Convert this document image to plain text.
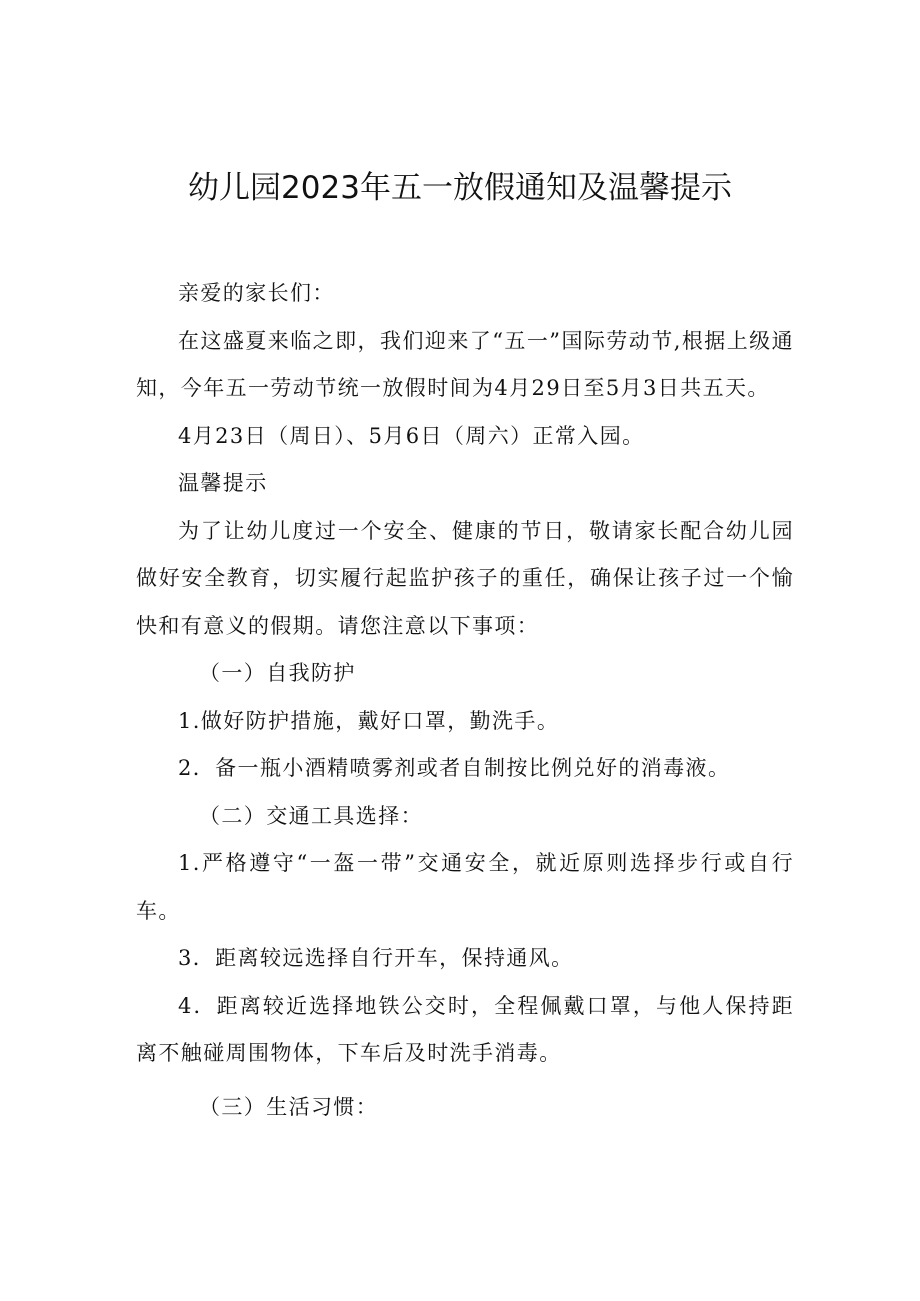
幼儿园2023年五一放假通知及温馨提示

亲爱的家长们：

在这盛夏来临之即，我们迎来了“五一”国际劳动节,根据上级通知，今年五一劳动节统一放假时间为4月29日至5月3日共五天。

4月23日（周日）、5月6日（周六）正常入园。

温馨提示

为了让幼儿度过一个安全、健康的节日，敬请家长配合幼儿园做好安全教育，切实履行起监护孩子的重任，确保让孩子过一个愉快和有意义的假期。请您注意以下事项：

（一）自我防护

1.做好防护措施，戴好口罩，勤洗手。

2．备一瓶小酒精喷雾剂或者自制按比例兑好的消毒液。

（二）交通工具选择：

1.严格遵守“一盔一带”交通安全，就近原则选择步行或自行车。

3．距离较远选择自行开车，保持通风。

4．距离较近选择地铁公交时，全程佩戴口罩，与他人保持距离不触碰周围物体，下车后及时洗手消毒。

（三）生活习惯：
